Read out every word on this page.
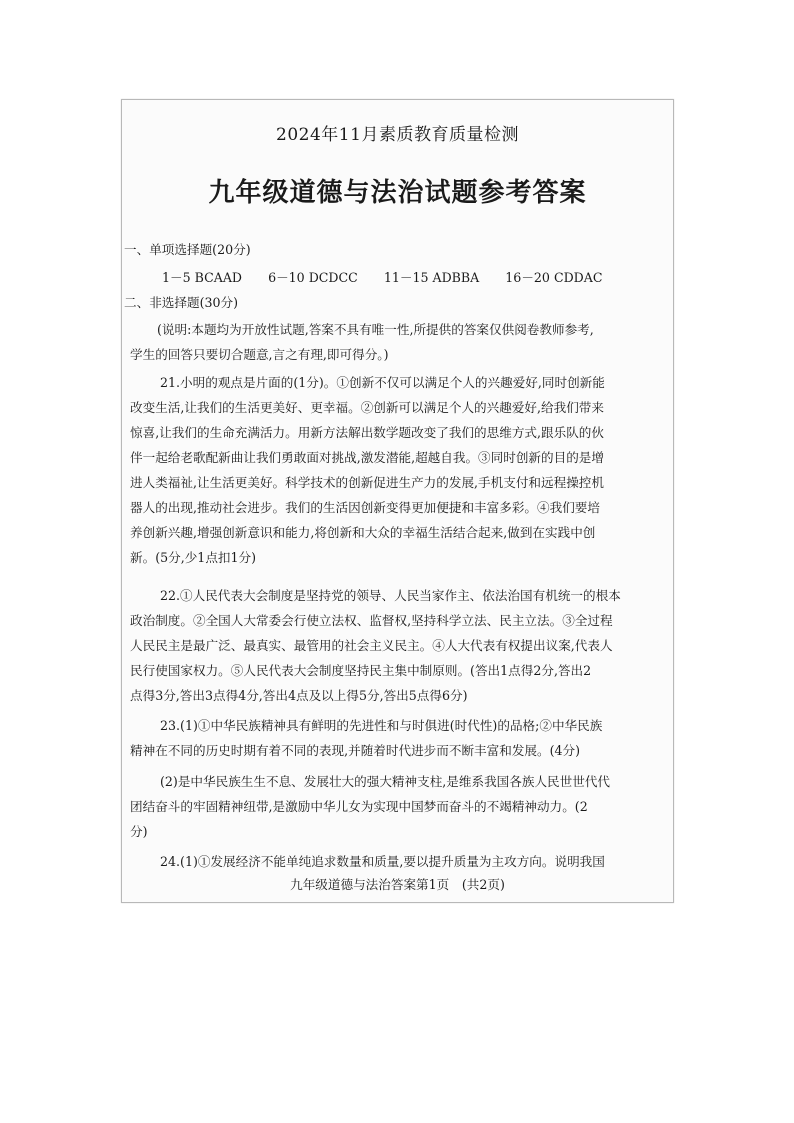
2024年11月素质教育质量检测
九年级道德与法治试题参考答案
一、单项选择题(20分)
1－5 BCAAD 6－10 DCDCC 11－15 ADBBA 16－20 CDDAC
二、非选择题(30分)
(说明:本题均为开放性试题,答案不具有唯一性,所提供的答案仅供阅卷教师参考,
学生的回答只要切合题意,言之有理,即可得分。)
21.小明的观点是片面的(1分)。①创新不仅可以满足个人的兴趣爱好,同时创新能
改变生活,让我们的生活更美好、更幸福。②创新可以满足个人的兴趣爱好,给我们带来
惊喜,让我们的生命充满活力。用新方法解出数学题改变了我们的思维方式,跟乐队的伙
伴一起给老歌配新曲让我们勇敢面对挑战,激发潜能,超越自我。③同时创新的目的是增
进人类福祉,让生活更美好。科学技术的创新促进生产力的发展,手机支付和远程操控机
器人的出现,推动社会进步。我们的生活因创新变得更加便捷和丰富多彩。④我们要培
养创新兴趣,增强创新意识和能力,将创新和大众的幸福生活结合起来,做到在实践中创
新。(5分,少1点扣1分)
22.①人民代表大会制度是坚持党的领导、人民当家作主、依法治国有机统一的根本
政治制度。②全国人大常委会行使立法权、监督权,坚持科学立法、民主立法。③全过程
人民民主是最广泛、最真实、最管用的社会主义民主。④人大代表有权提出议案,代表人
民行使国家权力。⑤人民代表大会制度坚持民主集中制原则。(答出1点得2分,答出2
点得3分,答出3点得4分,答出4点及以上得5分,答出5点得6分)
23.(1)①中华民族精神具有鲜明的先进性和与时俱进(时代性)的品格;②中华民族
精神在不同的历史时期有着不同的表现,并随着时代进步而不断丰富和发展。(4分)
(2)是中华民族生生不息、发展壮大的强大精神支柱,是维系我国各族人民世世代代
团结奋斗的牢固精神纽带,是激励中华儿女为实现中国梦而奋斗的不竭精神动力。(2
分)
24.(1)①发展经济不能单纯追求数量和质量,要以提升质量为主攻方向。说明我国
九年级道德与法治答案第1页　(共2页)
